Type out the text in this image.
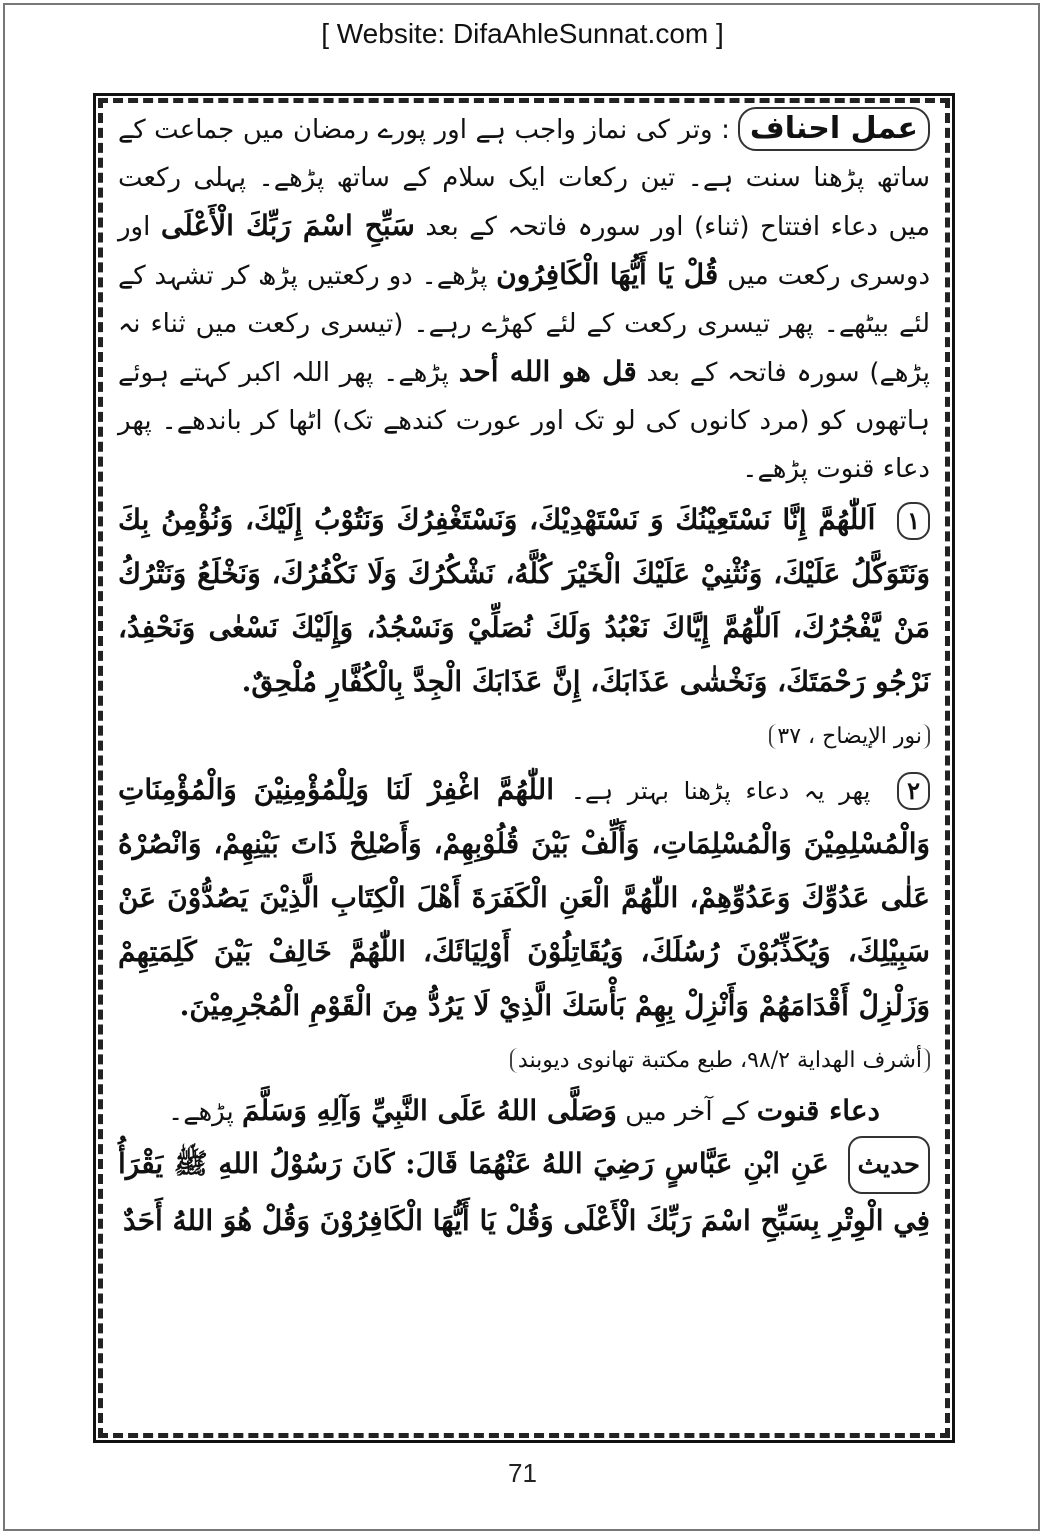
[ Website: DifaAhleSunnat.com ]

عمل احناف: وتر کی نماز واجب ہے اور پورے رمضان میں جماعت کے ساتھ پڑھنا سنت ہے۔ تین رکعات ایک سلام کے ساتھ پڑھے۔ پہلی رکعت میں دعاء افتتاح (ثناء) اور سورہ فاتحہ کے بعد سَبِّحِ اسْمَ رَبِّكَ الْأَعْلَى اور دوسری رکعت میں قُلْ يَا أَيُّهَا الْكَافِرُون پڑھے۔ دو رکعتیں پڑھ کر تشہد کے لئے بیٹھے۔ پھر تیسری رکعت کے لئے کھڑے رہے۔ (تیسری رکعت میں ثناء نہ پڑھے) سورہ فاتحہ کے بعد قل هو الله أحد پڑھے۔ پھر اللہ اکبر کہتے ہوئے ہاتھوں کو (مرد کانوں کی لو تک اور عورت کندھے تک) اٹھا کر باندھے۔ پھر دعاء قنوت پڑھے۔

۱ اَللّٰهُمَّ إِنَّا نَسْتَعِيْنُكَ وَ نَسْتَهْدِيْكَ، وَنَسْتَغْفِرُكَ وَنَتُوْبُ إِلَيْكَ، وَنُؤْمِنُ بِكَ وَنَتَوَكَّلُ عَلَيْكَ، وَنُثْنِيْ عَلَيْكَ الْخَيْرَ كُلَّهُ، نَشْكُرُكَ وَلَا نَكْفُرُكَ، وَنَخْلَعُ وَنَتْرُكُ مَنْ يَّفْجُرُكَ، اَللّٰهُمَّ إِيَّاكَ نَعْبُدُ وَلَكَ نُصَلِّيْ وَنَسْجُدُ، وَإِلَيْكَ نَسْعٰى وَنَحْفِدُ، نَرْجُو رَحْمَتَكَ، وَنَخْشٰى عَذَابَكَ، إِنَّ عَذَابَكَ الْجِدَّ بِالْكُفَّارِ مُلْحِقٌ.

نور الإيضاح ، ۳۷

۲ پھر یہ دعاء پڑھنا بہتر ہے۔ اللّٰهُمَّ اغْفِرْ لَنَا وَلِلْمُؤْمِنِيْنَ وَالْمُؤْمِنَاتِ وَالْمُسْلِمِيْنَ وَالْمُسْلِمَاتِ، وَأَلِّفْ بَيْنَ قُلُوْبِهِمْ، وَأَصْلِحْ ذَاتَ بَيْنِهِمْ، وَانْصُرْهُ عَلٰى عَدُوِّكَ وَعَدُوِّهِمْ، اللّٰهُمَّ الْعَنِ الْكَفَرَةَ أَهْلَ الْكِتَابِ الَّذِيْنَ يَصُدُّوْنَ عَنْ سَبِيْلِكَ، وَيُكَذِّبُوْنَ رُسُلَكَ، وَيُقَاتِلُوْنَ أَوْلِيَائَكَ، اللّٰهُمَّ خَالِفْ بَيْنَ كَلِمَتِهِمْ وَزَلْزِلْ أَقْدَامَهُمْ وَأَنْزِلْ بِهِمْ بَأْسَكَ الَّذِيْ لَا يَرُدُّ مِنَ الْقَوْمِ الْمُجْرِمِيْنَ.

أشرف الهداية ۹۸/۲، طبع مكتبة تهانوى ديوبند

دعاء قنوت کے آخر میں وَصَلَّى اللهُ عَلَى النَّبِيِّ وَآلِهِ وَسَلَّمَ پڑھے۔

حديث عَنِ ابْنِ عَبَّاسٍ رَضِيَ اللهُ عَنْهُمَا قَالَ: كَانَ رَسُوْلُ اللهِ ﷺ يَقْرَأُ فِي الْوِتْرِ بِسَبِّحِ اسْمَ رَبِّكَ الْأَعْلَى وَقُلْ يَا أَيُّهَا الْكَافِرُوْنَ وَقُلْ هُوَ اللهُ أَحَدٌ

71
